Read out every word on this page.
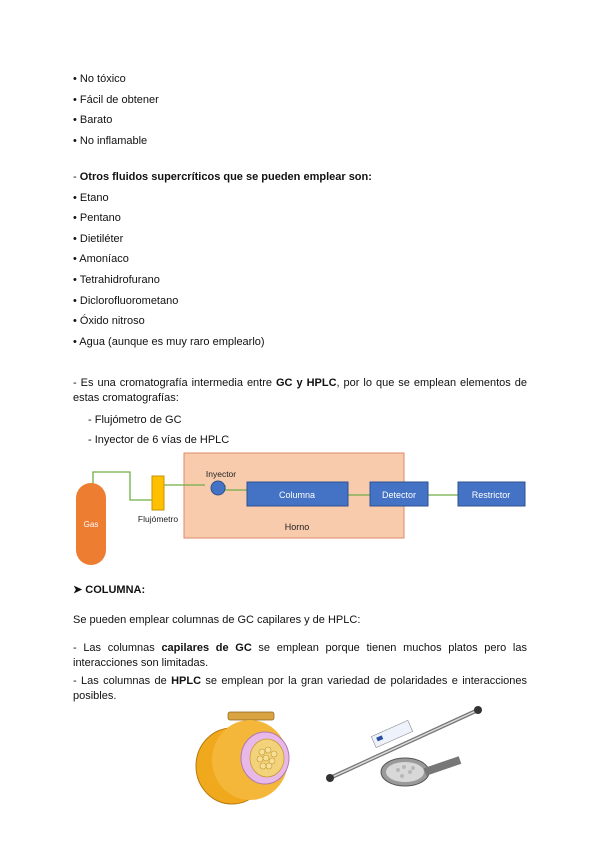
• No tóxico
• Fácil de obtener
• Barato
• No inflamable
- Otros fluidos supercríticos que se pueden emplear son:
• Etano
• Pentano
• Dietiléter
• Amoníaco
• Tetrahidrofurano
• Diclorofluorometano
• Óxido nitroso
• Agua (aunque es muy raro emplearlo)
- Es una cromatografía intermedia entre GC y HPLC, por lo que se emplean elementos de estas cromatografías:
- Flujómetro de GC
- Inyector de 6 vías de HPLC
Gas
Flujómetro
Inyector
Columna	Detector	Restrictor
Horno
➤ COLUMNA:
Se pueden emplear columnas de GC capilares y de HPLC:
- Las columnas capilares de GC se emplean porque tienen muchos platos pero las interacciones son limitadas.
- Las columnas de HPLC se emplean por la gran variedad de polaridades e interacciones posibles.
